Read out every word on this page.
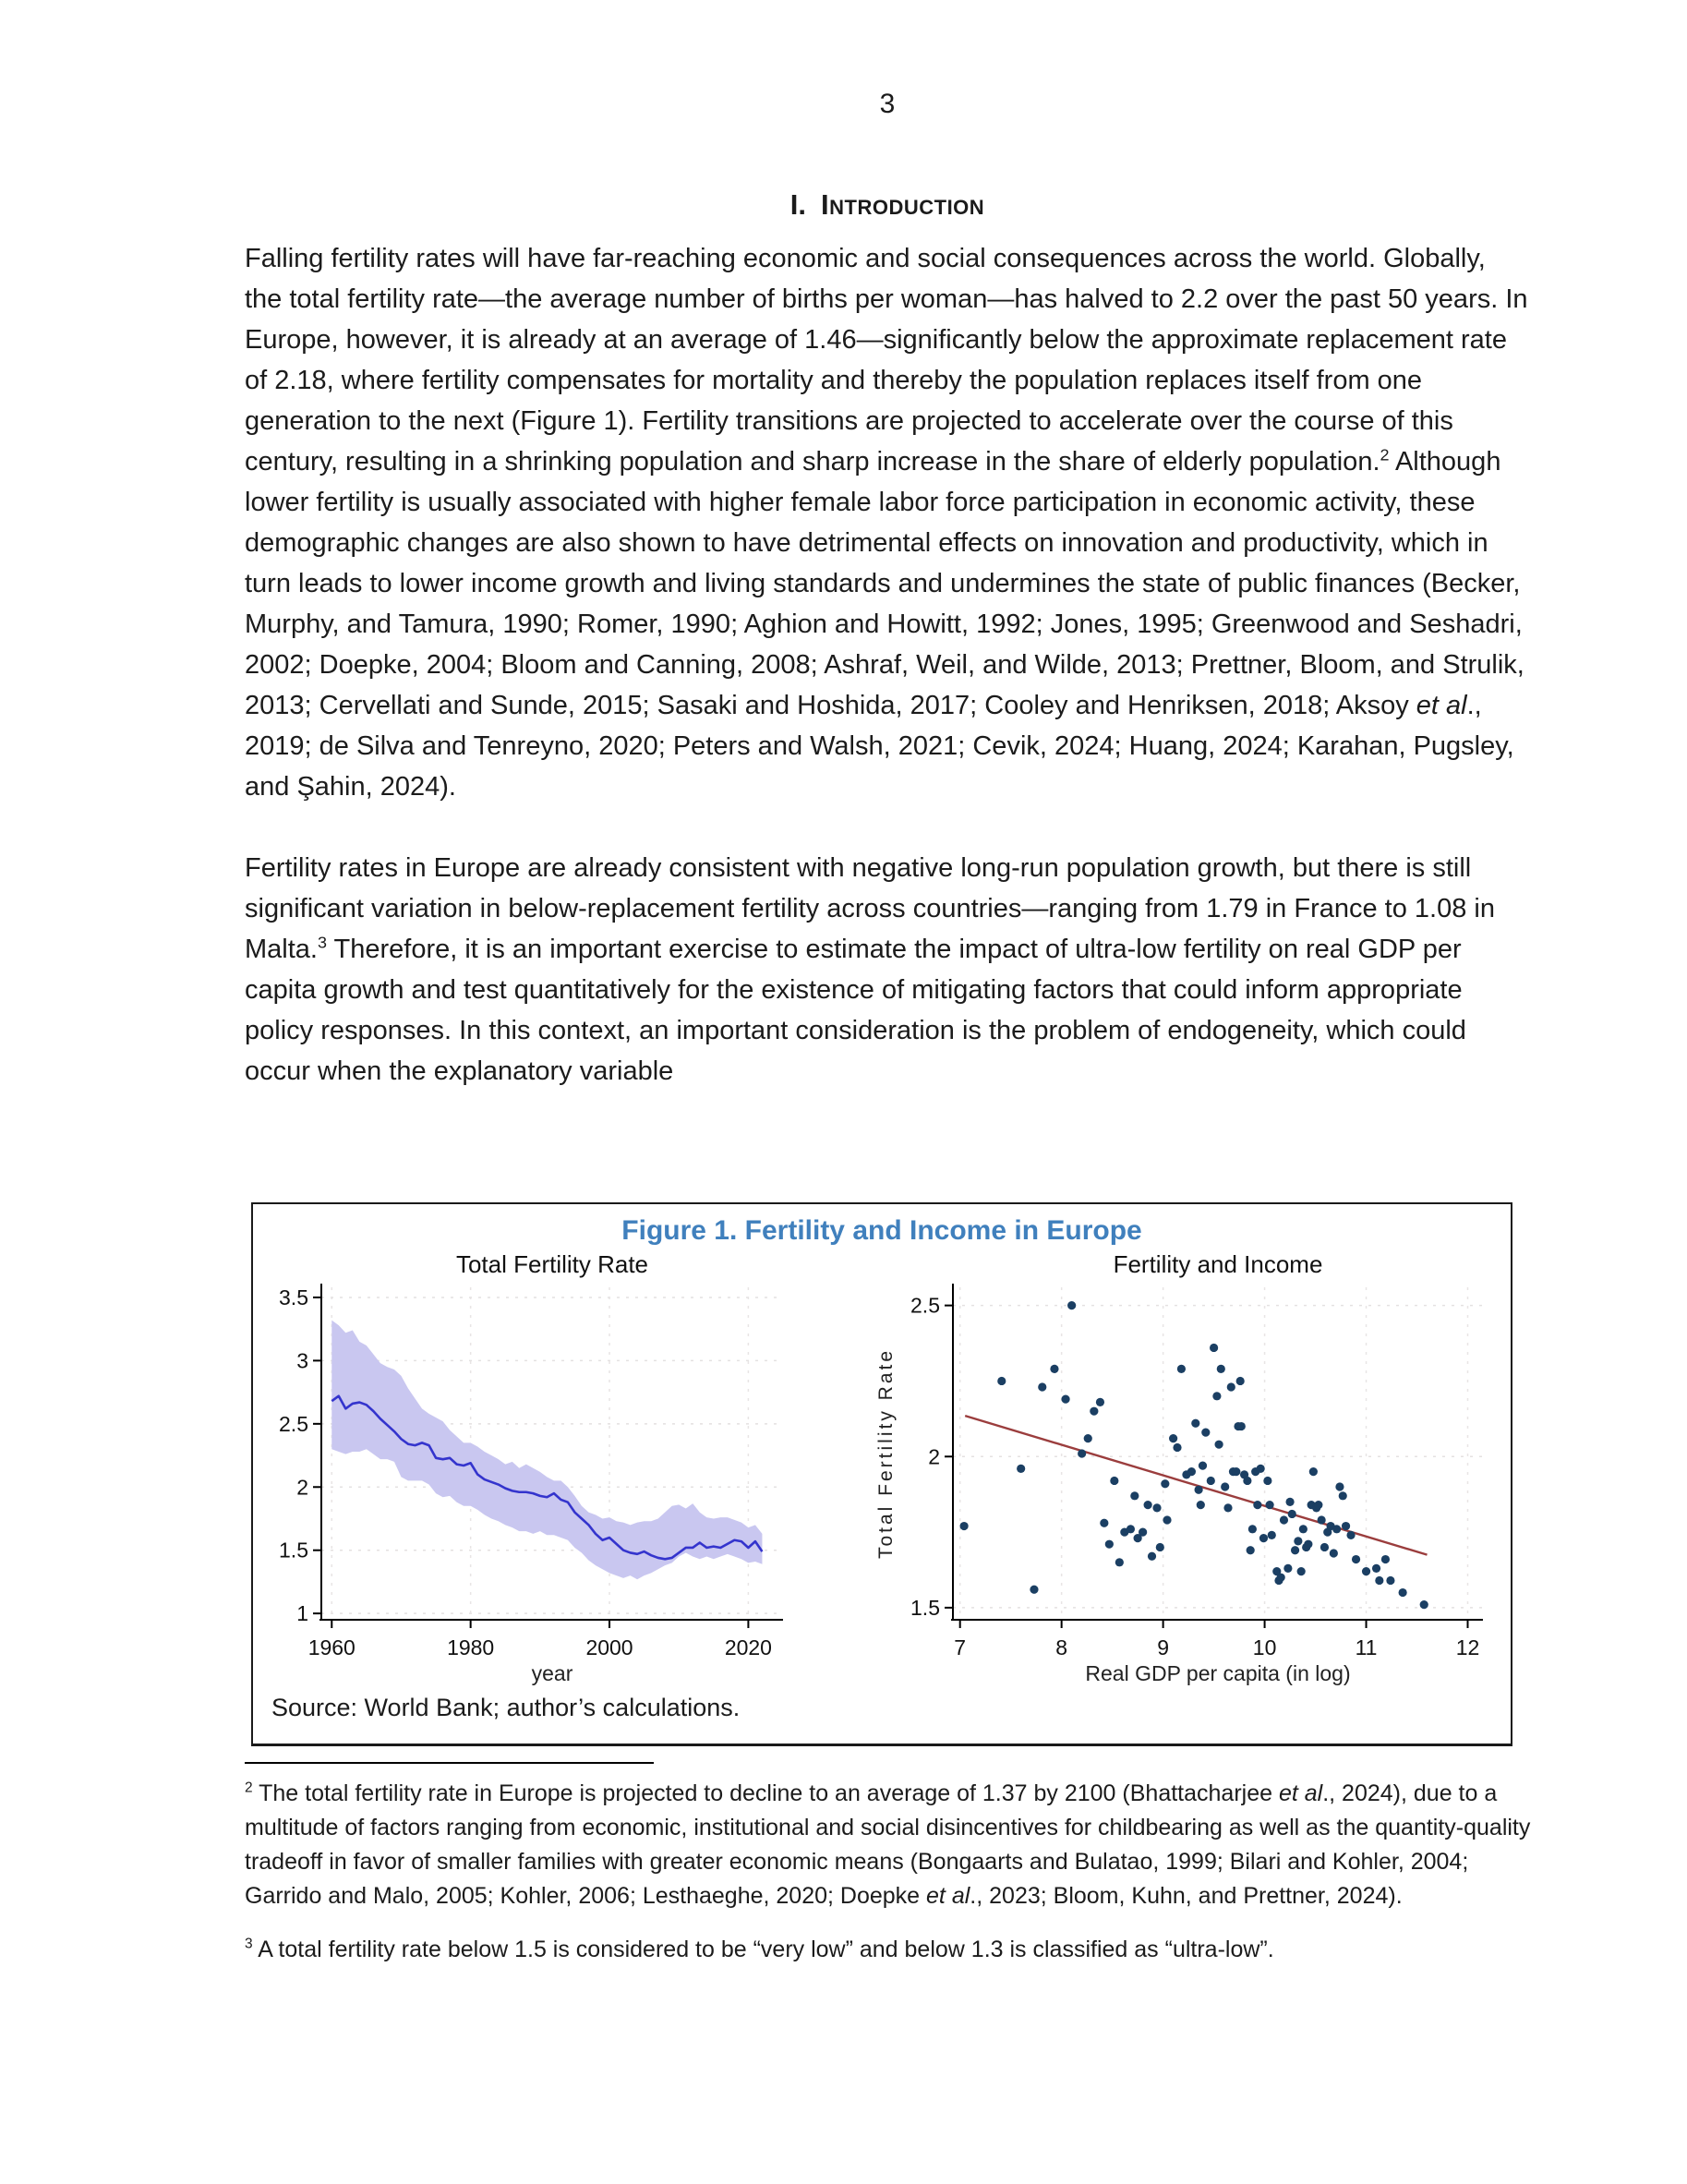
3
I. Introduction

Falling fertility rates will have far-reaching economic and social consequences across the world. Globally, the total fertility rate—the average number of births per woman—has halved to 2.2 over the past 50 years. In Europe, however, it is already at an average of 1.46—significantly below the approximate replacement rate of 2.18, where fertility compensates for mortality and thereby the population replaces itself from one generation to the next (Figure 1). Fertility transitions are projected to accelerate over the course of this century, resulting in a shrinking population and sharp increase in the share of elderly population.$^2$ Although lower fertility is usually associated with higher female labor force participation in economic activity, these demographic changes are also shown to have detrimental effects on innovation and productivity, which in turn leads to lower income growth and living standards and undermines the state of public finances (Becker, Murphy, and Tamura, 1990; Romer, 1990; Aghion and Howitt, 1992; Jones, 1995; Greenwood and Seshadri, 2002; Doepke, 2004; Bloom and Canning, 2008; Ashraf, Weil, and Wilde, 2013; Prettner, Bloom, and Strulik, 2013; Cervellati and Sunde, 2015; Sasaki and Hoshida, 2017; Cooley and Henriksen, 2018; Aksoy et al., 2019; de Silva and Tenreyno, 2020; Peters and Walsh, 2021; Cevik, 2024; Huang, 2024; Karahan, Pugsley, and Şahin, 2024).

Fertility rates in Europe are already consistent with negative long-run population growth, but there is still significant variation in below-replacement fertility across countries—ranging from 1.79 in France to 1.08 in Malta.$^3$ Therefore, it is an important exercise to estimate the impact of ultra-low fertility on real GDP per capita growth and test quantitatively for the existence of mitigating factors that could inform appropriate policy responses. In this context, an important consideration is the problem of endogeneity, which could occur when the explanatory variable

Figure 1. Fertility and Income in Europe
1
1.5
2
2.5
3
3.5
1960	1980	2000	2020
Total Fertility Rate
year
1.5
2
2.5
7	8	9	10	11	12
Fertility and Income
Real GDP per capita (in log)
Total Fertility Rate
Source: World Bank; author’s calculations.

$^2$ The total fertility rate in Europe is projected to decline to an average of 1.37 by 2100 (Bhattacharjee et al., 2024), due to a multitude of factors ranging from economic, institutional and social disincentives for childbearing as well as the quantity-quality tradeoff in favor of smaller families with greater economic means (Bongaarts and Bulatao, 1999; Bilari and Kohler, 2004; Garrido and Malo, 2005; Kohler, 2006; Lesthaeghe, 2020; Doepke et al., 2023; Bloom, Kuhn, and Prettner, 2024).

$^3$ A total fertility rate below 1.5 is considered to be “very low” and below 1.3 is classified as “ultra-low”.
